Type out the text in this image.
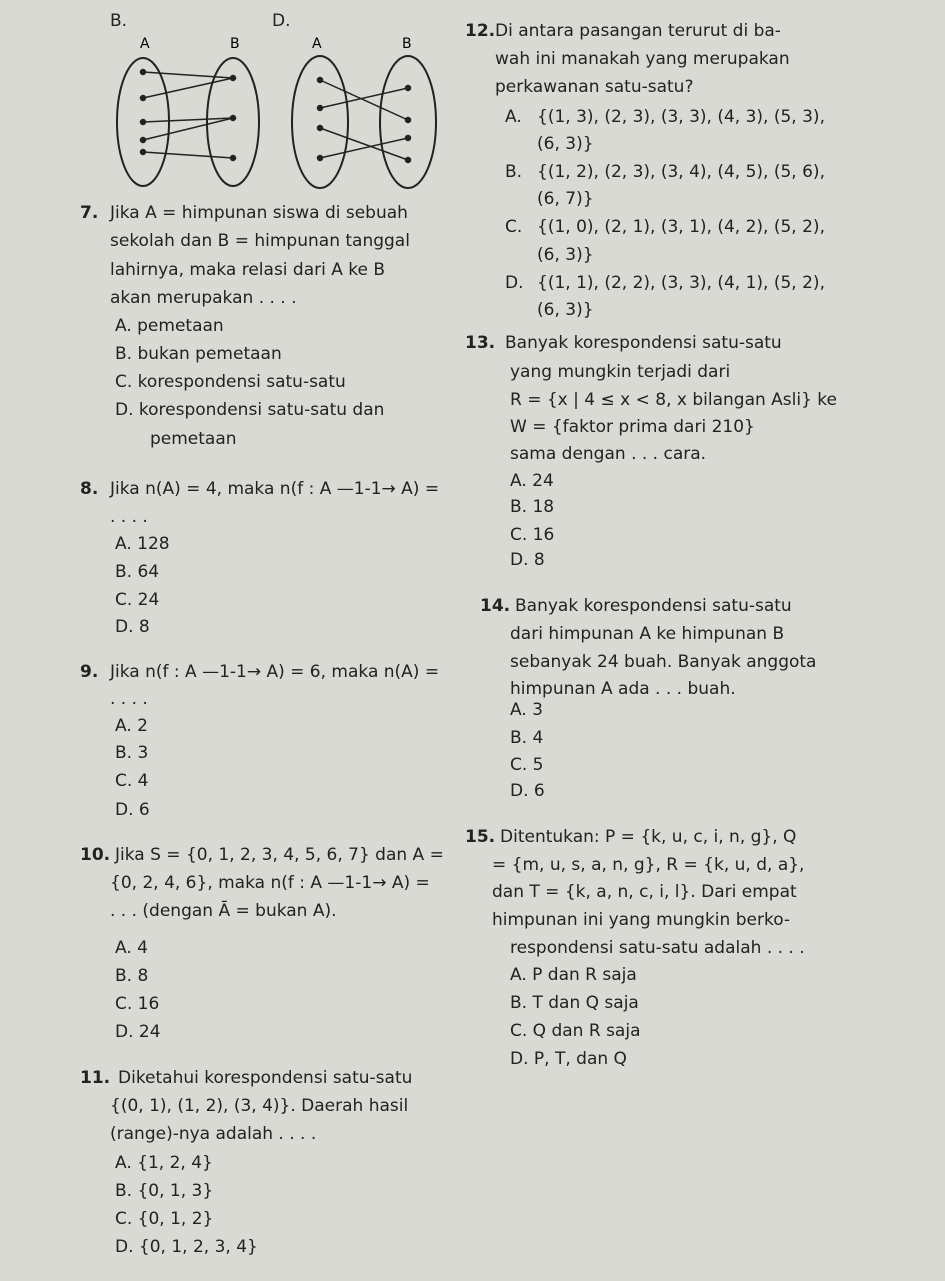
B.	D.
A	B	A	B
7. Jika A = himpunan siswa di sebuah
sekolah dan B = himpunan tanggal
lahirnya, maka relasi dari A ke B
akan merupakan . . . .
A. pemetaan
B. bukan pemetaan
C. korespondensi satu-satu
D. korespondensi satu-satu dan
pemetaan
8. Jika n(A) = 4, maka n(f : A —1-1→ A) =
. . . .
A. 128
B. 64
C. 24
D. 8
9. Jika n(f : A —1-1→ A) = 6, maka n(A) =
. . . .
A. 2
B. 3
C. 4
D. 6
10. Jika S = {0, 1, 2, 3, 4, 5, 6, 7} dan A =
{0, 2, 4, 6}, maka n(f : A —1-1→ A) =
. . . (dengan Ā = bukan A).
A. 4
B. 8
C. 16
D. 24
11. Diketahui korespondensi satu-satu
{(0, 1), (1, 2), (3, 4)}. Daerah hasil
(range)-nya adalah . . . .
A. {1, 2, 4}
B. {0, 1, 3}
C. {0, 1, 2}
D. {0, 1, 2, 3, 4}
12. Di antara pasangan terurut di ba-
wah ini manakah yang merupakan
perkawanan satu-satu?
A. {(1, 3), (2, 3), (3, 3), (4, 3), (5, 3),
(6, 3)}
B. {(1, 2), (2, 3), (3, 4), (4, 5), (5, 6),
(6, 7)}
C. {(1, 0), (2, 1), (3, 1), (4, 2), (5, 2),
(6, 3)}
D. {(1, 1), (2, 2), (3, 3), (4, 1), (5, 2),
(6, 3)}
13. Banyak korespondensi satu-satu
yang mungkin terjadi dari
R = {x | 4 ≤ x < 8, x bilangan Asli} ke
W = {faktor prima dari 210}
sama dengan . . . cara.
A. 24
B. 18
C. 16
D. 8
14. Banyak korespondensi satu-satu
dari himpunan A ke himpunan B
sebanyak 24 buah. Banyak anggota
himpunan A ada . . . buah.
A. 3
B. 4
C. 5
D. 6
15. Ditentukan: P = {k, u, c, i, n, g}, Q
= {m, u, s, a, n, g}, R = {k, u, d, a},
dan T = {k, a, n, c, i, l}. Dari empat
himpunan ini yang mungkin berko-
respondensi satu-satu adalah . . . .
A. P dan R saja
B. T dan Q saja
C. Q dan R saja
D. P, T, dan Q
